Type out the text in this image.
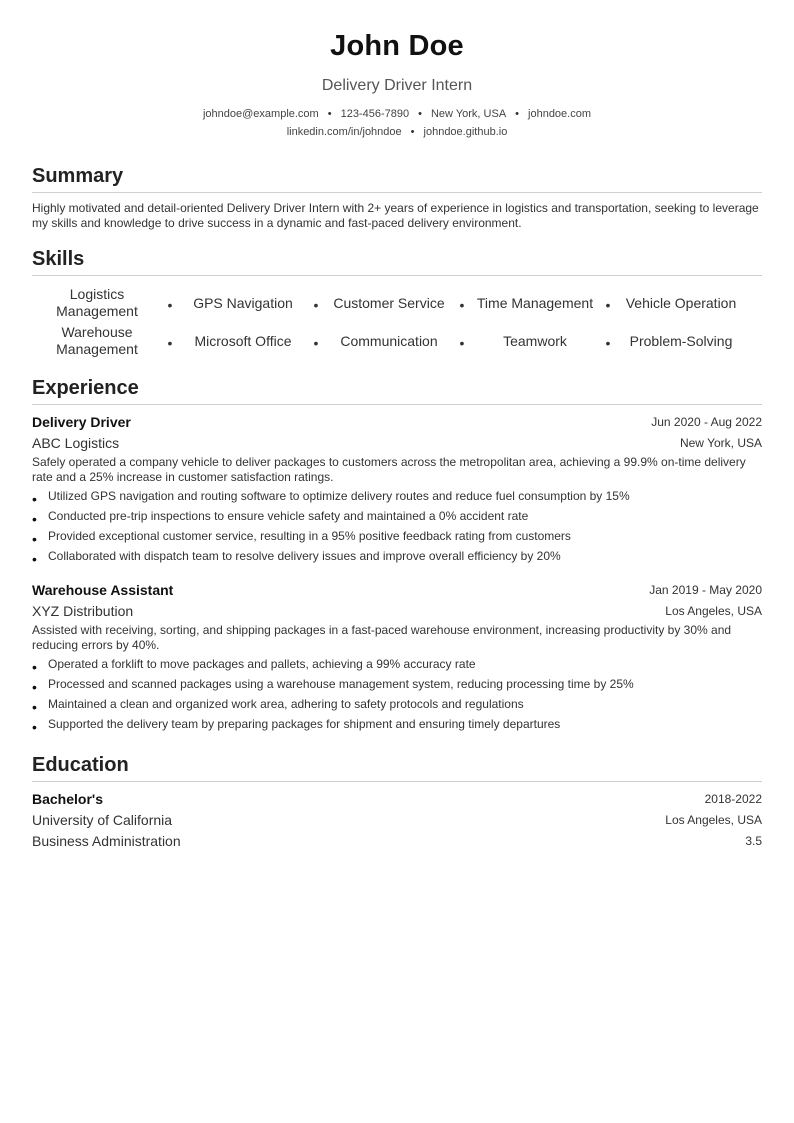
John Doe
Delivery Driver Intern
johndoe@example.com • 123-456-7890 • New York, USA • johndoe.com
linkedin.com/in/johndoe • johndoe.github.io
Summary
Highly motivated and detail-oriented Delivery Driver Intern with 2+ years of experience in logistics and transportation, seeking to leverage my skills and knowledge to drive success in a dynamic and fast-paced delivery environment.
Skills
Logistics Management	•	GPS Navigation	•	Customer Service	• Time Management •	Vehicle Operation
Warehouse Management	•	Microsoft Office	•	Communication	•	Teamwork	•	Problem-Solving
Experience
Delivery Driver	Jun 2020 - Aug 2022
ABC Logistics	New York, USA
Safely operated a company vehicle to deliver packages to customers across the metropolitan area, achieving a 99.9% on-time delivery rate and a 25% increase in customer satisfaction ratings.
• Utilized GPS navigation and routing software to optimize delivery routes and reduce fuel consumption by 15%
• Conducted pre-trip inspections to ensure vehicle safety and maintained a 0% accident rate
• Provided exceptional customer service, resulting in a 95% positive feedback rating from customers
• Collaborated with dispatch team to resolve delivery issues and improve overall efficiency by 20%
Warehouse Assistant	Jan 2019 - May 2020
XYZ Distribution	Los Angeles, USA
Assisted with receiving, sorting, and shipping packages in a fast-paced warehouse environment, increasing productivity by 30% and reducing errors by 40%.
• Operated a forklift to move packages and pallets, achieving a 99% accuracy rate
• Processed and scanned packages using a warehouse management system, reducing processing time by 25%
• Maintained a clean and organized work area, adhering to safety protocols and regulations
• Supported the delivery team by preparing packages for shipment and ensuring timely departures
Education
Bachelor's	2018-2022
University of California	Los Angeles, USA
Business Administration	3.5
